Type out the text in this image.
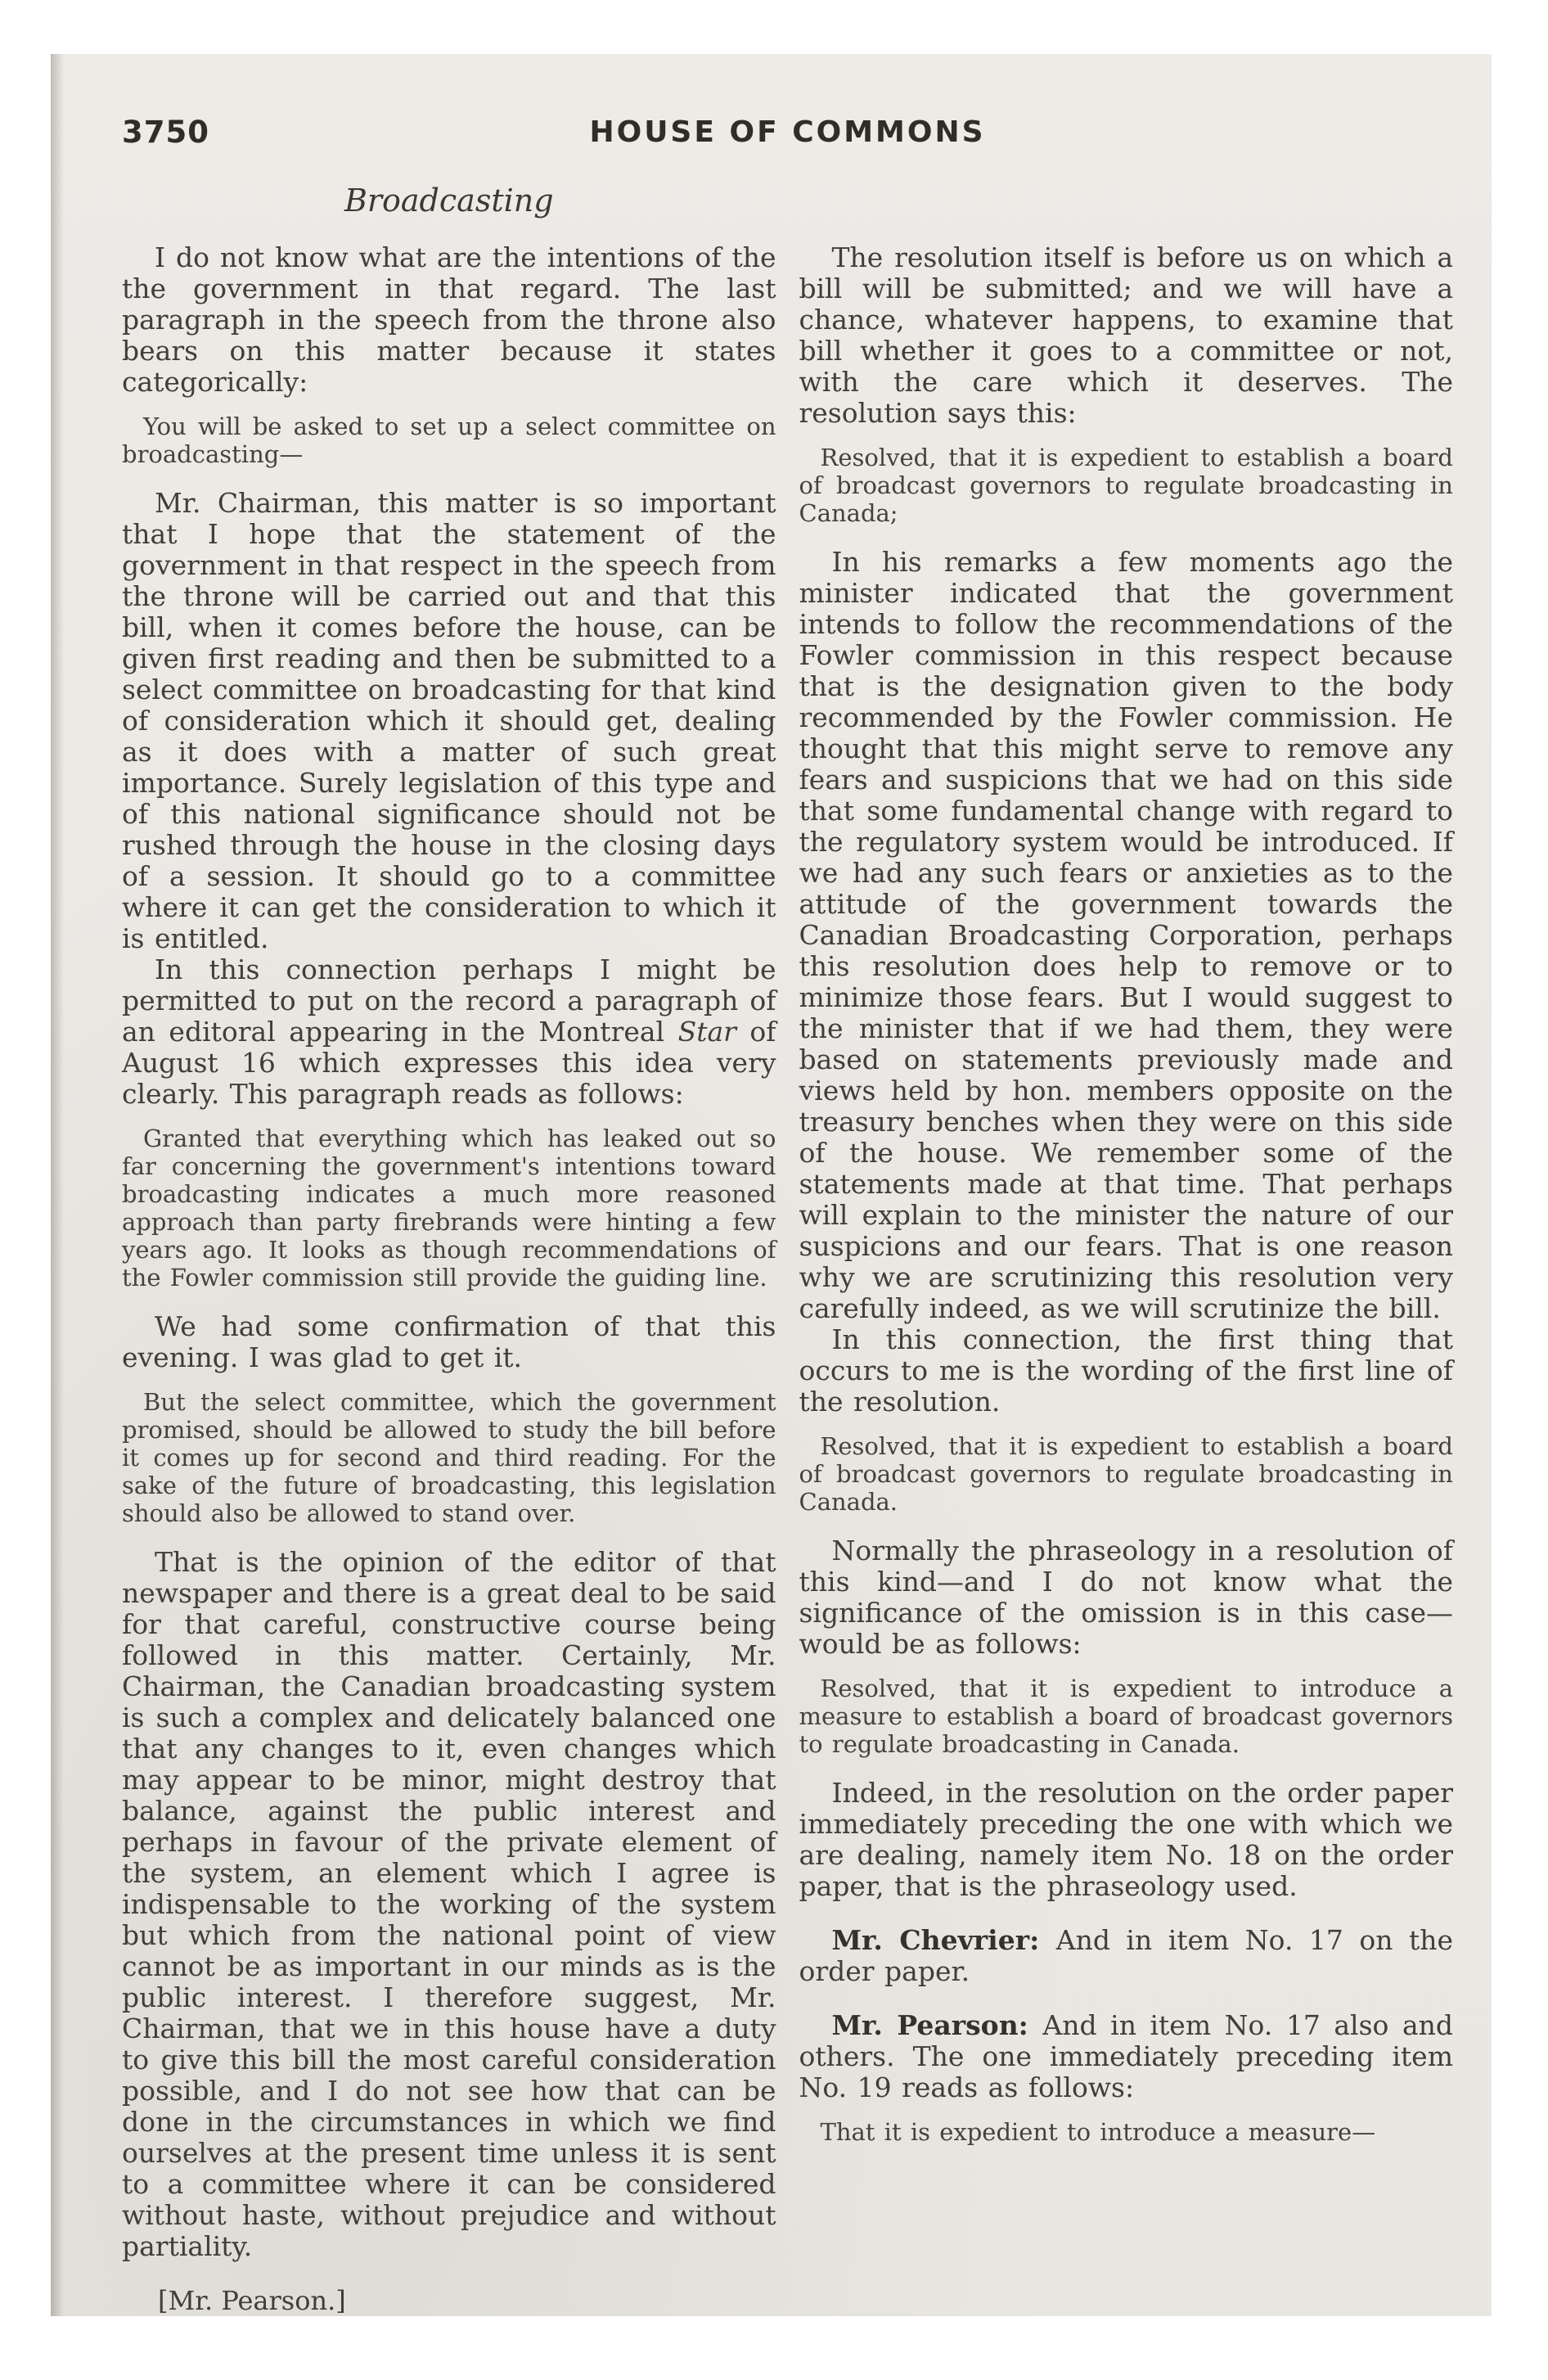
3750	HOUSE OF COMMONS
Broadcasting

I do not know what are the intentions of the the government in that regard. The last paragraph in the speech from the throne also bears on this matter because it states categorically:

You will be asked to set up a select committee on broadcasting—

Mr. Chairman, this matter is so important that I hope that the statement of the government in that respect in the speech from the throne will be carried out and that this bill, when it comes before the house, can be given first reading and then be submitted to a select committee on broadcasting for that kind of consideration which it should get, dealing as it does with a matter of such great importance. Surely legislation of this type and of this national significance should not be rushed through the house in the closing days of a session. It should go to a committee where it can get the consideration to which it is entitled.

In this connection perhaps I might be permitted to put on the record a paragraph of an editoral appearing in the Montreal Star of August 16 which expresses this idea very clearly. This paragraph reads as follows:

Granted that everything which has leaked out so far concerning the government's intentions toward broadcasting indicates a much more reasoned approach than party firebrands were hinting a few years ago. It looks as though recommendations of the Fowler commission still provide the guiding line.

We had some confirmation of that this evening. I was glad to get it.

But the select committee, which the government promised, should be allowed to study the bill before it comes up for second and third reading. For the sake of the future of broadcasting, this legislation should also be allowed to stand over.

That is the opinion of the editor of that newspaper and there is a great deal to be said for that careful, constructive course being followed in this matter. Certainly, Mr. Chairman, the Canadian broadcasting system is such a complex and delicately balanced one that any changes to it, even changes which may appear to be minor, might destroy that balance, against the public interest and perhaps in favour of the private element of the system, an element which I agree is indispensable to the working of the system but which from the national point of view cannot be as important in our minds as is the public interest. I therefore suggest, Mr. Chairman, that we in this house have a duty to give this bill the most careful consideration possible, and I do not see how that can be done in the circumstances in which we find ourselves at the present time unless it is sent to a committee where it can be considered without haste, without prejudice and without partiality.

[Mr. Pearson.]

The resolution itself is before us on which a bill will be submitted; and we will have a chance, whatever happens, to examine that bill whether it goes to a committee or not, with the care which it deserves. The resolution says this:

Resolved, that it is expedient to establish a board of broadcast governors to regulate broadcasting in Canada;

In his remarks a few moments ago the minister indicated that the government intends to follow the recommendations of the Fowler commission in this respect because that is the designation given to the body recommended by the Fowler commission. He thought that this might serve to remove any fears and suspicions that we had on this side that some fundamental change with regard to the regulatory system would be introduced. If we had any such fears or anxieties as to the attitude of the government towards the Canadian Broadcasting Corporation, perhaps this resolution does help to remove or to minimize those fears. But I would suggest to the minister that if we had them, they were based on statements previously made and views held by hon. members opposite on the treasury benches when they were on this side of the house. We remember some of the statements made at that time. That perhaps will explain to the minister the nature of our suspicions and our fears. That is one reason why we are scrutinizing this resolution very carefully indeed, as we will scrutinize the bill.

In this connection, the first thing that occurs to me is the wording of the first line of the resolution.

Resolved, that it is expedient to establish a board of broadcast governors to regulate broadcasting in Canada.

Normally the phraseology in a resolution of this kind—and I do not know what the significance of the omission is in this case—would be as follows:

Resolved, that it is expedient to introduce a measure to establish a board of broadcast governors to regulate broadcasting in Canada.

Indeed, in the resolution on the order paper immediately preceding the one with which we are dealing, namely item No. 18 on the order paper, that is the phraseology used.

Mr. Chevrier: And in item No. 17 on the order paper.

Mr. Pearson: And in item No. 17 also and others. The one immediately preceding item No. 19 reads as follows:

That it is expedient to introduce a measure—
